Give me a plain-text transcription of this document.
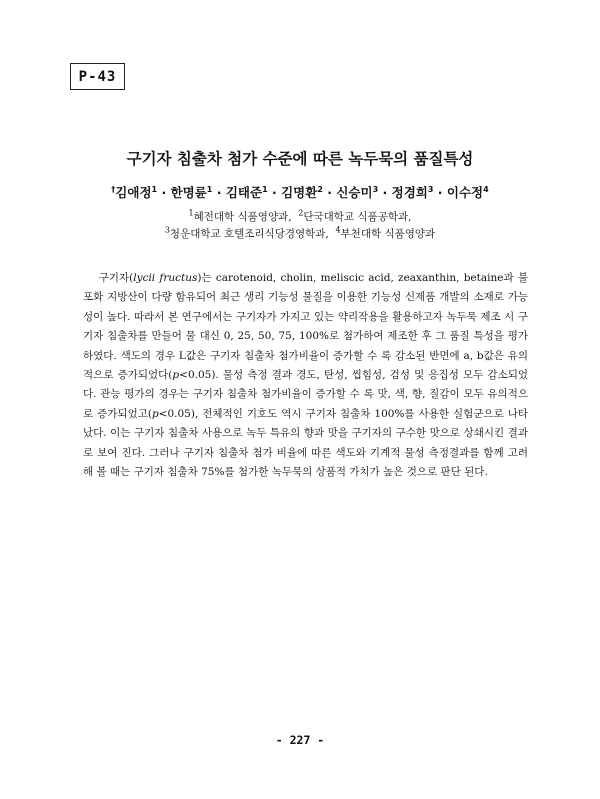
P-43
구기자 침출차 첨가 수준에 따른 녹두묵의 품질특성
†김애정$^1$ · 한명륜$^1$ · 김태준$^1$ · 김명환$^2$ · 신승미$^3$ · 정경희$^3$ · 이수정$^4$
$^1$혜전대학 식품영양과, $^2$단국대학교 식품공학과,
$^3$청운대학교 호텔조리식당경영학과, $^4$부천대학 식품영양과

구기자(lycii fructus)는 carotenoid, cholin, meliscic acid, zeaxanthin, betaine과 불포화 지방산이 다량 함유되어 최근 생리 기능성 물질을 이용한 기능성 신제품 개발의 소재로 가능성이 높다. 따라서 본 연구에서는 구기자가 가지고 있는 약리작용을 활용하고자 녹두묵 제조 시 구기자 침출차를 만들어 물 대신 0, 25, 50, 75, 100%로 첨가하여 제조한 후 그 품질 특성을 평가하였다. 색도의 경우 L값은 구기자 침출차 첨가비율이 증가할 수 록 감소된 반면에 a, b값은 유의적으로 증가되었다(p<0.05). 물성 측정 결과 경도, 탄성, 씹힘성, 검성 및 응집성 모두 감소되었다. 관능 평가의 경우는 구기자 침출차 첨가비율이 증가할 수 록 맛, 색, 향, 질감이 모두 유의적으로 증가되었고(p<0.05), 전체적인 기호도 역시 구기자 침출차 100%를 사용한 실험군으로 나타났다. 이는 구기자 침출차 사용으로 녹두 특유의 향과 맛을 구기자의 구수한 맛으로 상쇄시킨 결과로 보여 진다. 그러나 구기자 침출차 첨가 비율에 따른 색도와 기계적 물성 측정결과를 함께 고려해 볼 때는 구기자 침출차 75%를 첨가한 녹두묵의 상품적 가치가 높은 것으로 판단 된다.

- 227 -
